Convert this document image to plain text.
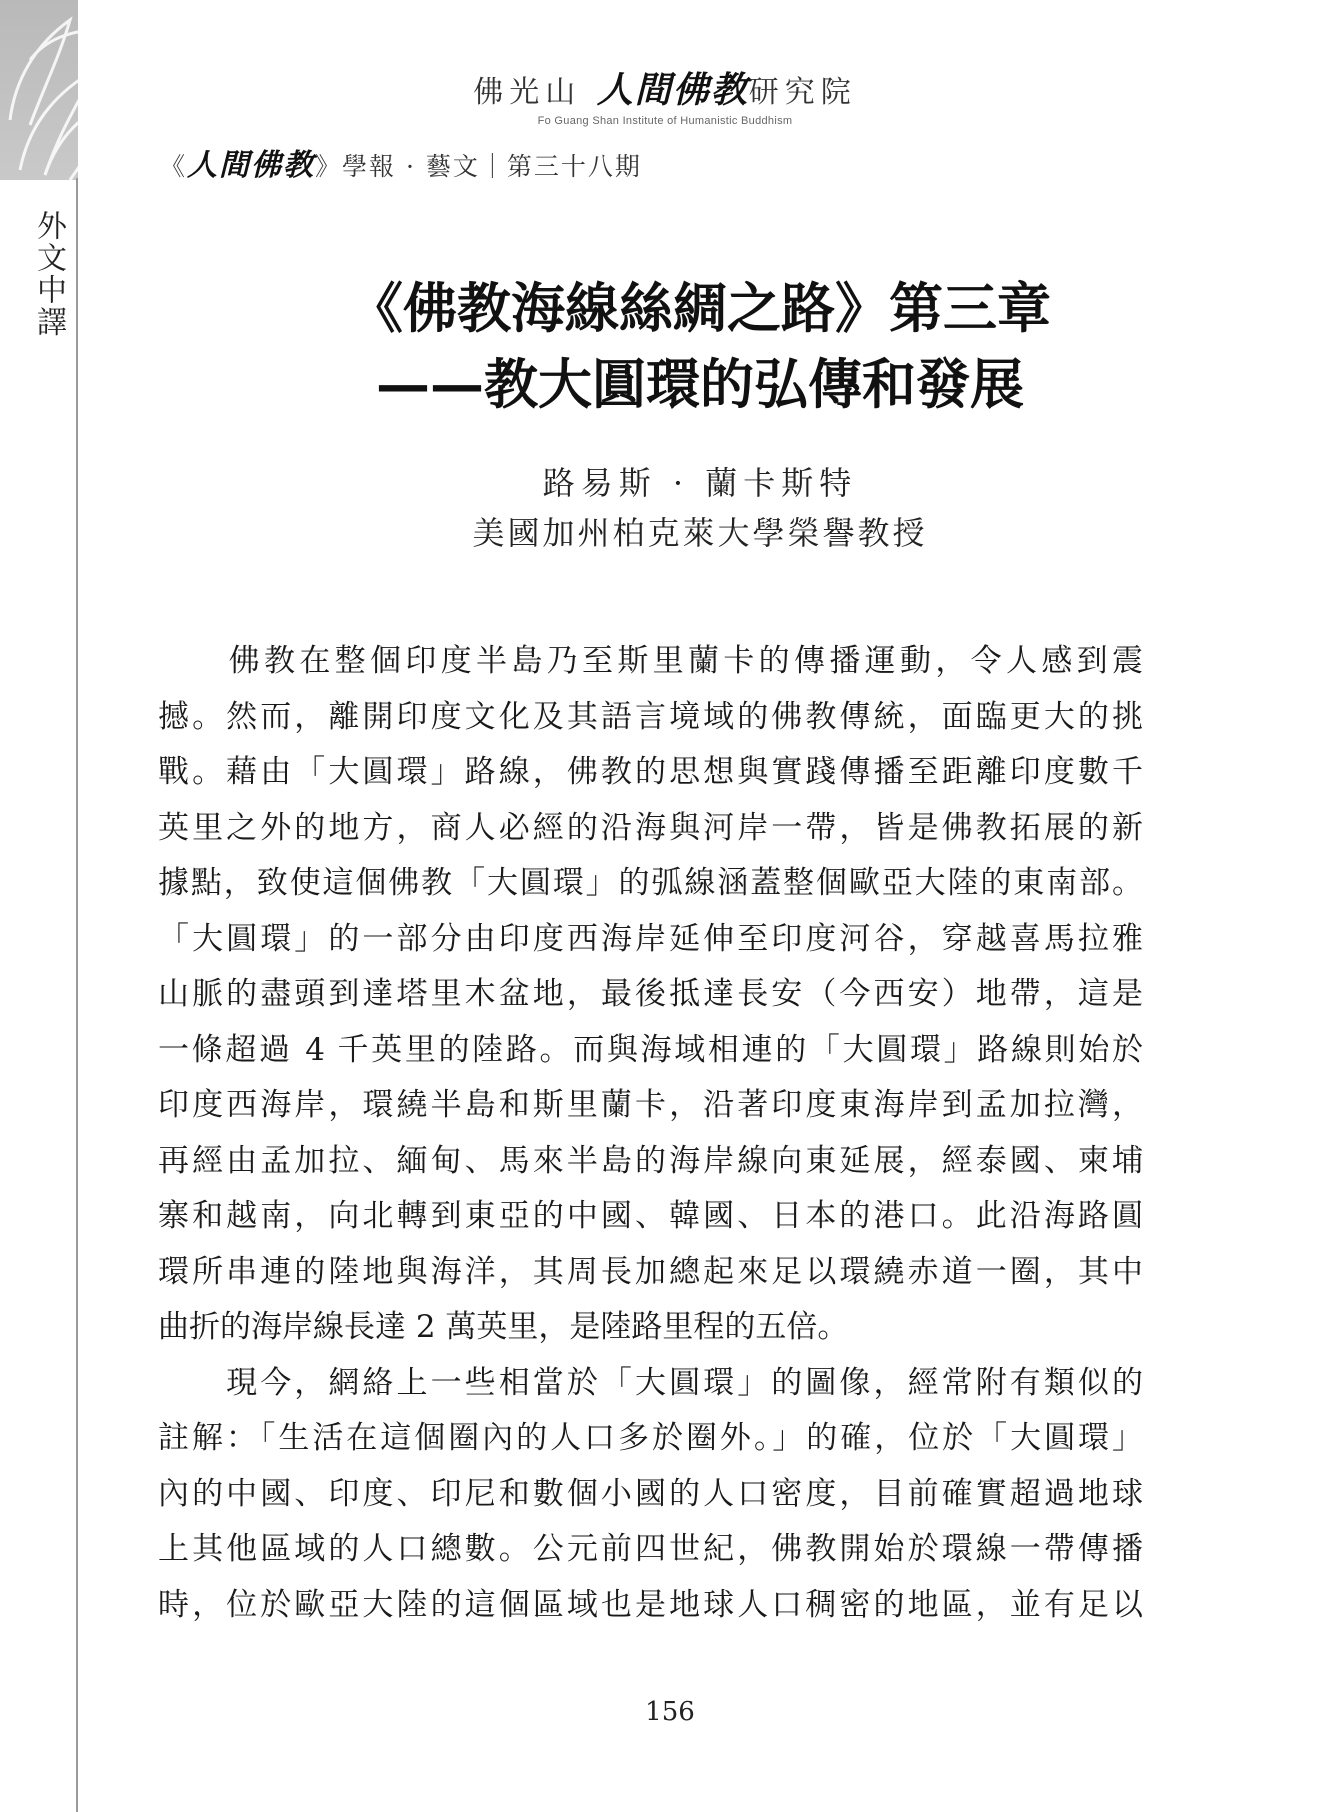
外文中譯
佛光山 人間佛教研究院
Fo Guang Shan Institute of Humanistic Buddhism
《人間佛教》學報 · 藝文｜第三十八期
《佛教海線絲綢之路》第三章
——教大圓環的弘傳和發展
路易斯 · 蘭卡斯特
美國加州柏克萊大學榮譽教授
　　佛教在整個印度半島乃至斯里蘭卡的傳播運動，令人感到震
撼。然而，離開印度文化及其語言境域的佛教傳統，面臨更大的挑
戰。藉由「大圓環」路線，佛教的思想與實踐傳播至距離印度數千
英里之外的地方，商人必經的沿海與河岸一帶，皆是佛教拓展的新
據點，致使這個佛教「大圓環」的弧線涵蓋整個歐亞大陸的東南部。
「大圓環」的一部分由印度西海岸延伸至印度河谷，穿越喜馬拉雅
山脈的盡頭到達塔里木盆地，最後抵達長安（今西安）地帶，這是
一條超過 4 千英里的陸路。而與海域相連的「大圓環」路線則始於
印度西海岸，環繞半島和斯里蘭卡，沿著印度東海岸到孟加拉灣，
再經由孟加拉、緬甸、馬來半島的海岸線向東延展，經泰國、柬埔
寨和越南，向北轉到東亞的中國、韓國、日本的港口。此沿海路圓
環所串連的陸地與海洋，其周長加總起來足以環繞赤道一圈，其中
曲折的海岸線長達 2 萬英里，是陸路里程的五倍。
　　現今，網絡上一些相當於「大圓環」的圖像，經常附有類似的
註解：「生活在這個圈內的人口多於圈外。」的確，位於「大圓環」
內的中國、印度、印尼和數個小國的人口密度，目前確實超過地球
上其他區域的人口總數。公元前四世紀，佛教開始於環線一帶傳播
時，位於歐亞大陸的這個區域也是地球人口稠密的地區，並有足以
156
